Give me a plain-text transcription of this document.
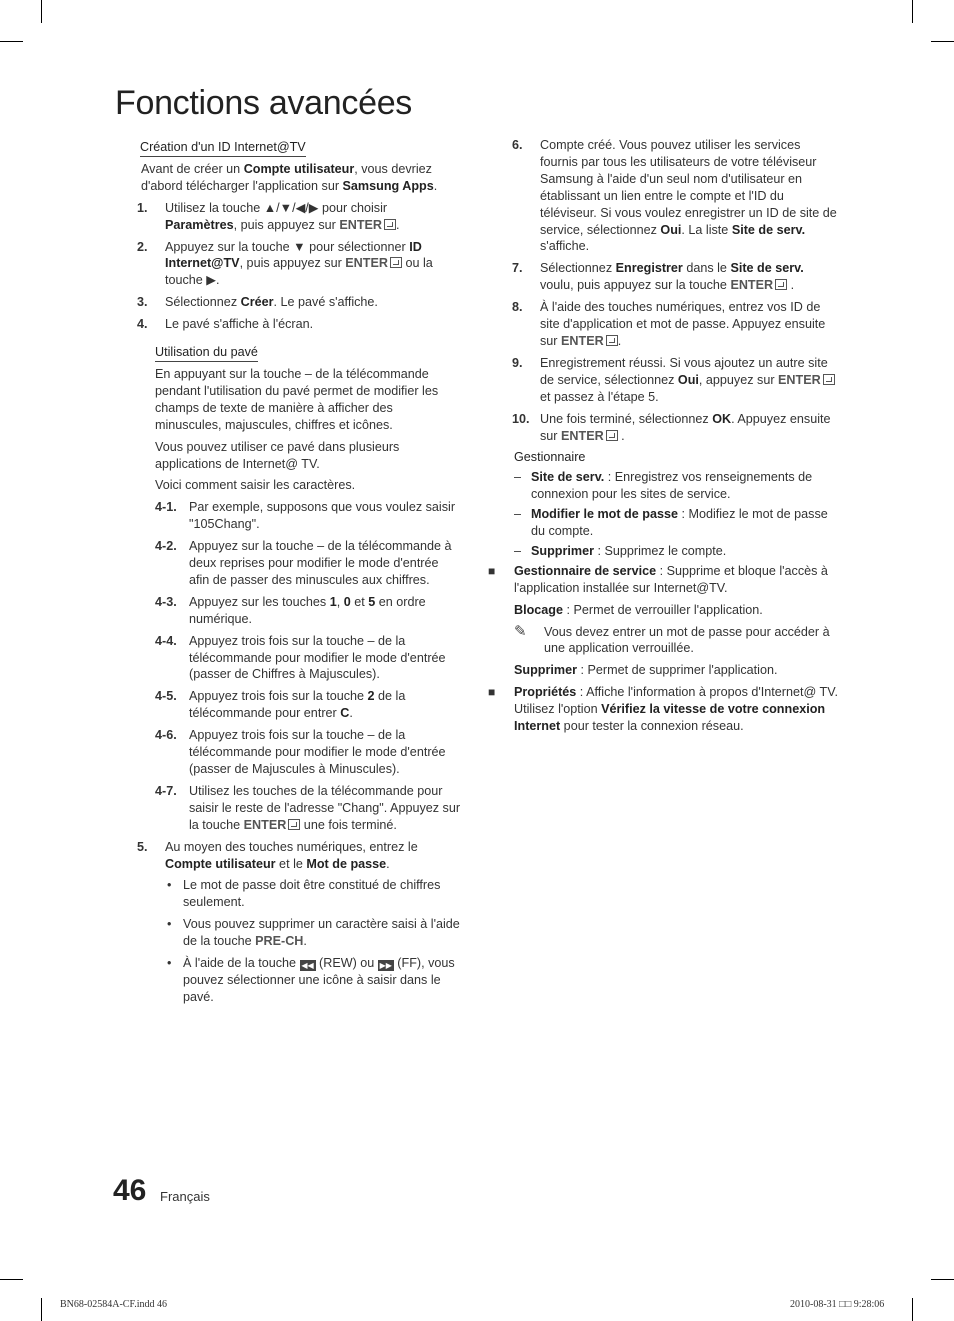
Fonctions avancées
Création d'un ID Internet@TV

Avant de créer un Compte utilisateur, vous devriez d'abord télécharger l'application sur Samsung Apps.

1.	Utilisez la touche ▲/▼/◀/▶ pour choisir Paramètres, puis appuyez sur ENTER .
2.	Appuyez sur la touche ▼ pour sélectionner ID Internet@TV, puis appuyez sur ENTER ou la touche ▶.
3.	Sélectionnez Créer. Le pavé s'affiche.
4.	Le pavé s'affiche à l'écran.
Utilisation du pavé

En appuyant sur la touche – de la télécommande pendant l'utilisation du pavé permet de modifier les champs de texte de manière à afficher des minuscules, majuscules, chiffres et icônes.

Vous pouvez utiliser ce pavé dans plusieurs applications de Internet@ TV.

Voici comment saisir les caractères.

4-1. Par exemple, supposons que vous voulez saisir "105Chang".
4-2. Appuyez sur la touche – de la télécommande à deux reprises pour modifier le mode d'entrée afin de passer des minuscules aux chiffres.
4-3. Appuyez sur les touches 1, 0 et 5 en ordre numérique.
4-4. Appuyez trois fois sur la touche – de la télécommande pour modifier le mode d'entrée (passer de Chiffres à Majuscules).
4-5. Appuyez trois fois sur la touche 2 de la télécommande pour entrer C.
4-6. Appuyez trois fois sur la touche – de la télécommande pour modifier le mode d'entrée (passer de Majuscules à Minuscules).
4-7. Utilisez les touches de la télécommande pour saisir le reste de l'adresse "Chang". Appuyez sur la touche ENTER une fois terminé.
5.	Au moyen des touches numériques, entrez le Compte utilisateur et le Mot de passe.
• Le mot de passe doit être constitué de chiffres seulement.
• Vous pouvez supprimer un caractère saisi à l'aide de la touche PRE-CH.
• À l'aide de la touche ◀◀ (REW) ou ▶▶ (FF), vous pouvez sélectionner une icône à saisir dans le pavé.
6.	Compte créé. Vous pouvez utiliser les services fournis par tous les utilisateurs de votre téléviseur Samsung à l'aide d'un seul nom d'utilisateur en établissant un lien entre le compte et l'ID du téléviseur. Si vous voulez enregistrer un ID de site de service, sélectionnez Oui. La liste Site de serv. s'affiche.
7.	Sélectionnez Enregistrer dans le Site de serv. voulu, puis appuyez sur la touche ENTER .
8.	À l'aide des touches numériques, entrez vos ID de site d'application et mot de passe. Appuyez ensuite sur ENTER .
9.	Enregistrement réussi. Si vous ajoutez un autre site de service, sélectionnez Oui, appuyez sur ENTER et passez à l'étape 5.
10. Une fois terminé, sélectionnez OK. Appuyez ensuite sur ENTER .

Gestionnaire

– Site de serv. : Enregistrez vos renseignements de connexion pour les sites de service.
– Modifier le mot de passe : Modifiez le mot de passe du compte.
– Supprimer : Supprimez le compte.
■	Gestionnaire de service : Supprime et bloque l'accès à l'application installée sur Internet@TV.

Blocage : Permet de verrouiller l'application.

✎	Vous devez entrer un mot de passe pour accéder à une application verrouillée.

Supprimer : Permet de supprimer l'application.

■	Propriétés : Affiche l'information à propos d'Internet@ TV. Utilisez l'option Vérifiez la vitesse de votre connexion Internet pour tester la connexion réseau.
46 Français
BN68-02584A-CF.indd 46	2010-08-31 □□ 9:28:06
